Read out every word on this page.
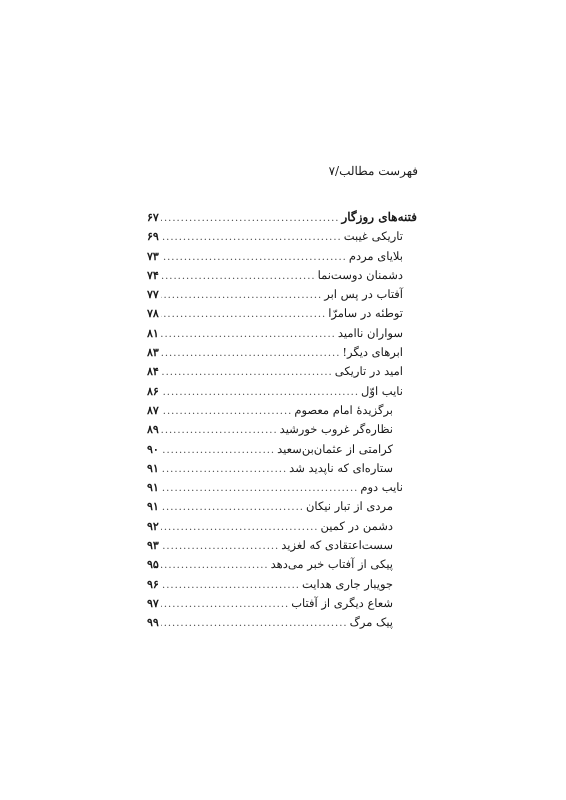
فهرست مطالب/۷
فتنه‌های روزگار
.....
۶۷
تاریکی غیبت
.....
۶۹
بلایای مردم
.....
۷۳
دشمنان دوست‌نما
.....
۷۴
آفتاب در پس ابر
.....
۷۷
توطئه در سامرّا
.....
۷۸
سواران ناامید
.....
۸۱
ابرهای دیگر!
.....
۸۳
امید در تاریکی
.....
۸۴
نایب اوّل
.....
۸۶
برگزیدهٔ امام معصوم
.....
۸۷
نظاره‌گر غروب خورشید
.....
۸۹
کرامتی از عثمان‌بن‌سعید
.....
۹۰
ستاره‌ای که ناپدید شد
.....
۹۱
نایب دوم
.....
۹۱
مردی از تبار نیکان
.....
۹۱
دشمن در کمین
.....
۹۲
سست‌اعتقادی که لغزید
.....
۹۳
پیکی از آفتاب خبر می‌دهد
.....
۹۵
جویبار جاری هدایت
.....
۹۶
شعاع دیگری از آفتاب
.....
۹۷
پیک مرگ
.....
۹۹
